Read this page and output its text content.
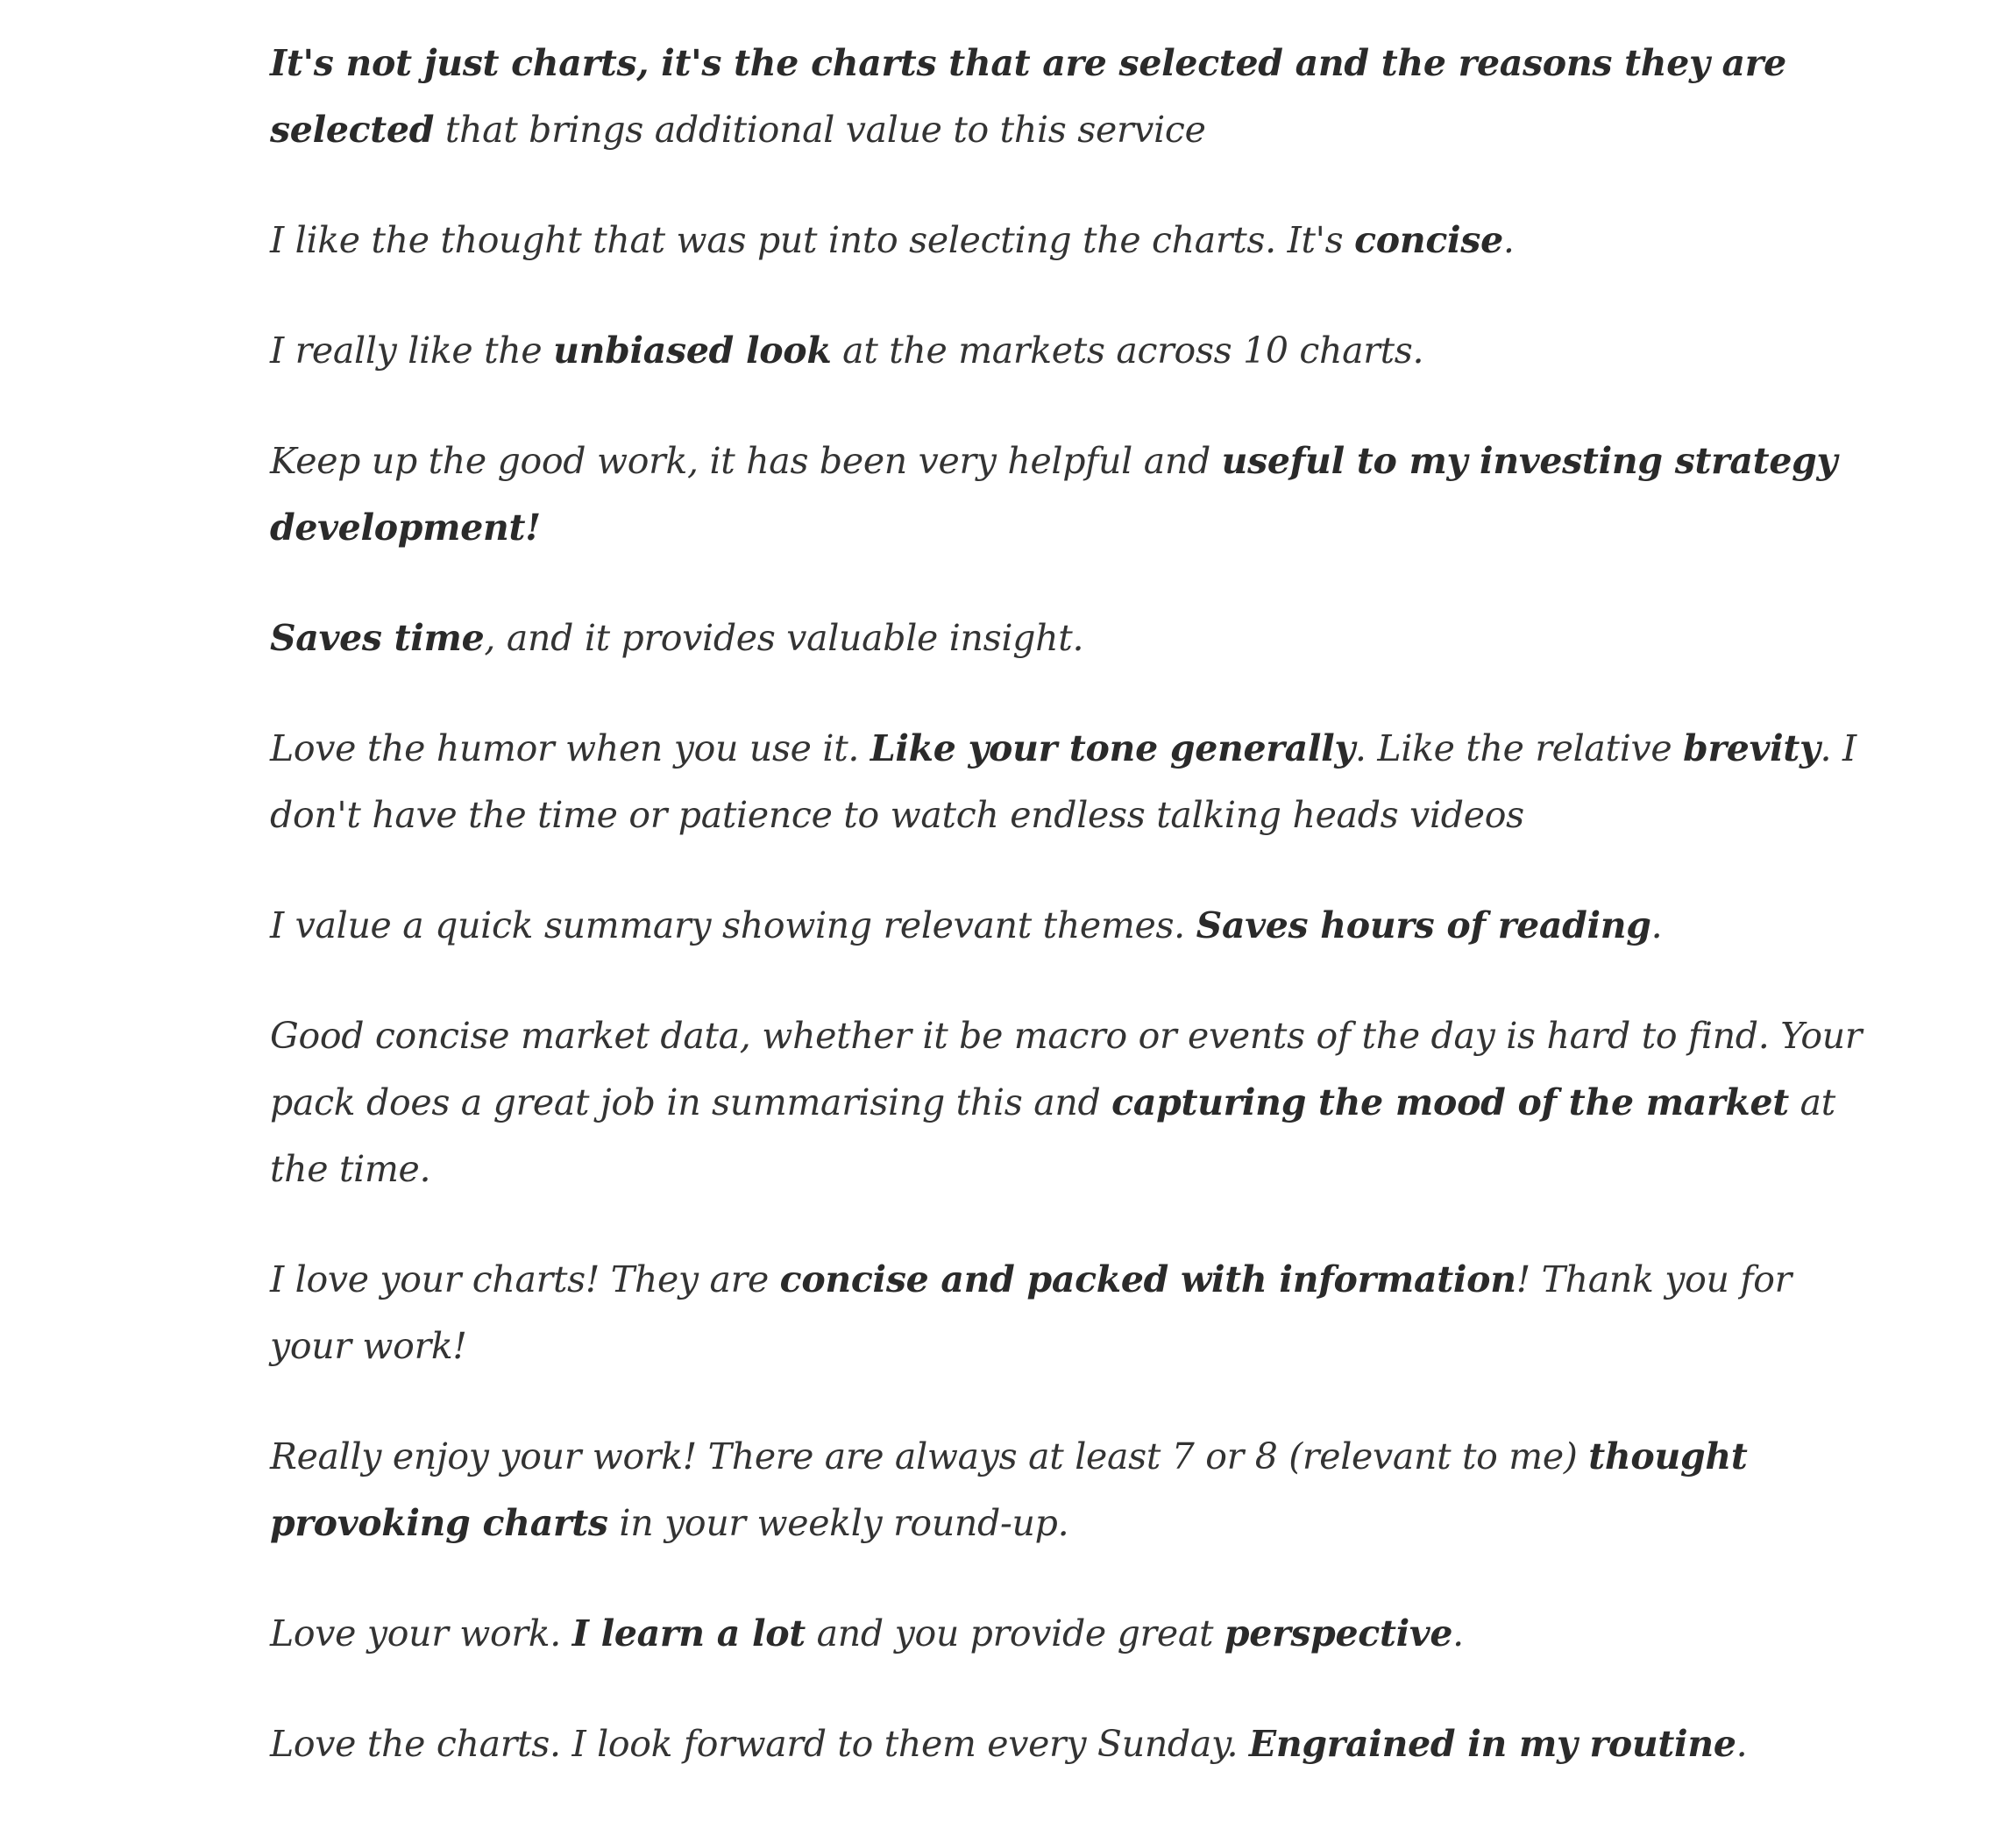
It's not just charts, it's the charts that are selected and the reasons they are selected that brings additional value to this service

I like the thought that was put into selecting the charts. It's concise.

I really like the unbiased look at the markets across 10 charts.

Keep up the good work, it has been very helpful and useful to my investing strategy development!

Saves time, and it provides valuable insight.

Love the humor when you use it. Like your tone generally. Like the relative brevity. I don't have the time or patience to watch endless talking heads videos

I value a quick summary showing relevant themes. Saves hours of reading.

Good concise market data, whether it be macro or events of the day is hard to find. Your pack does a great job in summarising this and capturing the mood of the market at the time.

I love your charts! They are concise and packed with information! Thank you for your work!

Really enjoy your work! There are always at least 7 or 8 (relevant to me) thought provoking charts in your weekly round-up.

Love your work. I learn a lot and you provide great perspective.

Love the charts. I look forward to them every Sunday. Engrained in my routine.
